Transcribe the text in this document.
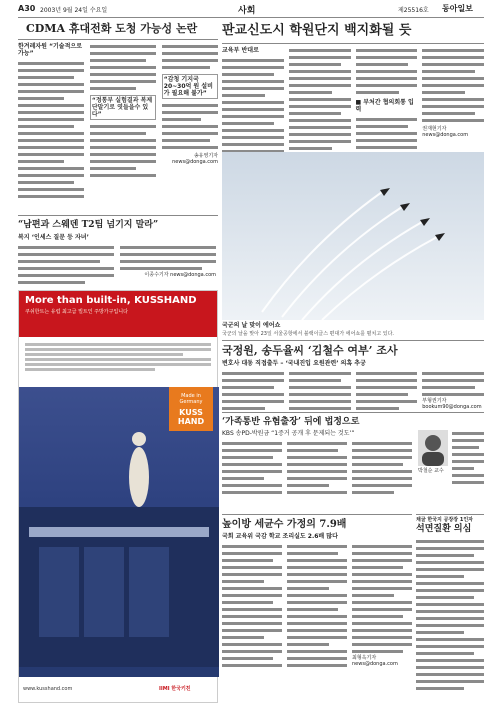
A30 2003년 9월 24일 수요일	사회	제25516호 동아일보
CDMA 휴대전화 도청 가능성 논란
한겨레자원 “기술적으로 가능”
“정통부 실험결과 복제단말기로 엿들을수 있다”
“감청 기지국 20~30억 원 설비가 필요해 불가”
송유영기자 news@donga.com
판교신도시 학원단지 백지화될 듯
교육부 반대로
■ 부처간 협의회통 입력
권재현기자 news@donga.com
국군의 날 맞이 에어쇼
국군의 날을 맞아 23일 서울공항에서 블랙이글스 편대가 에어쇼를 펼치고 있다.
“남편과 스웨덴 T2팀 넘기지 말라”
복지 ‘인세스 질문 등 자녀’
이종수기자 news@donga.com
More than built-in, KUSSHAND
쿠쉬한트는 유럽 최고급 빌트인 주방가구입니다
Made in Germany
KUSS HAND
www.kusshand.com	IIMI 한국키친
국정원, 송두율씨 ‘김철수 여부’ 조사
변호사 대동 직접출두 – ‘국내진입 요원관련’ 의혹 추궁
부형권기자 bookum90@donga.com
‘가족통반 유혐출장’ 뒤에 법정으로
KBS 송PD-박원금 “1증거 공개 후 문제되는 것도’”
박철순 교수
높이방 세균수 가정의 7.9배
국회 교육위 국감 학교 조리실도 2.6배 많다
최형옥기자 news@donga.com
채굴 한국지 공장장 1인자
석면질환 의심
